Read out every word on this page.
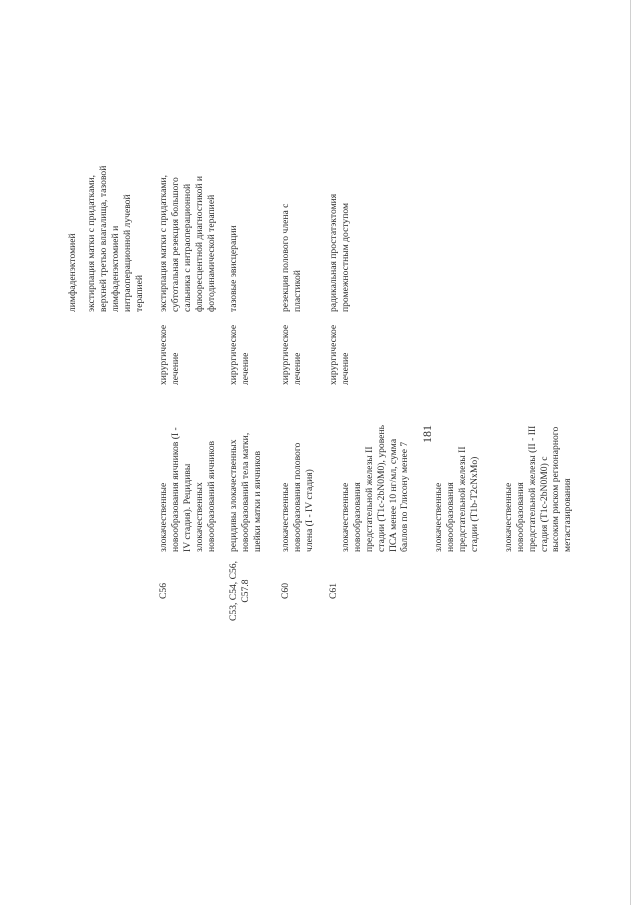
181
лимфаденэктомией экстирпация матки с придатками,
верхней третью влагалища, тазовой
лимфаденэктомией и
интраоперационной лучевой
терапией
C56
злокачественные
новообразования яичников (I -
IV стадия). Рецидивы
злокачественных
новообразований яичников
хирургическое
лечение
экстирпация матки с придатками,
субтотальная резекция большого
сальника с интраоперационной
флюоресцентной диагностикой и
фотодинамической терапией
C53, C54, C56,
C57.8
рецидивы злокачественных
новообразований тела матки,
шейки матки и яичников
хирургическое
лечение
тазовые эвисцерации
C60
злокачественные
новообразования полового
члена (I - IV стадия)
хирургическое
лечение
резекция полового члена с
пластикой
C61

злокачественные
новообразования
предстательной железы II
стадии (T1c-2bN0M0), уровень
ПСА менее 10 нг/мл, сумма
баллов по Глисону менее 7

злокачественные
новообразования
предстательной железы II
стадии (T1b-T2cNxMo) злокачественные
новообразования
предстательной железы (II - III
стадия (T1c-2bN0M0) с
высоким риском регионарного
метастазирования

хирургическое
лечение
радикальная простатэктомия
промежностным доступом
